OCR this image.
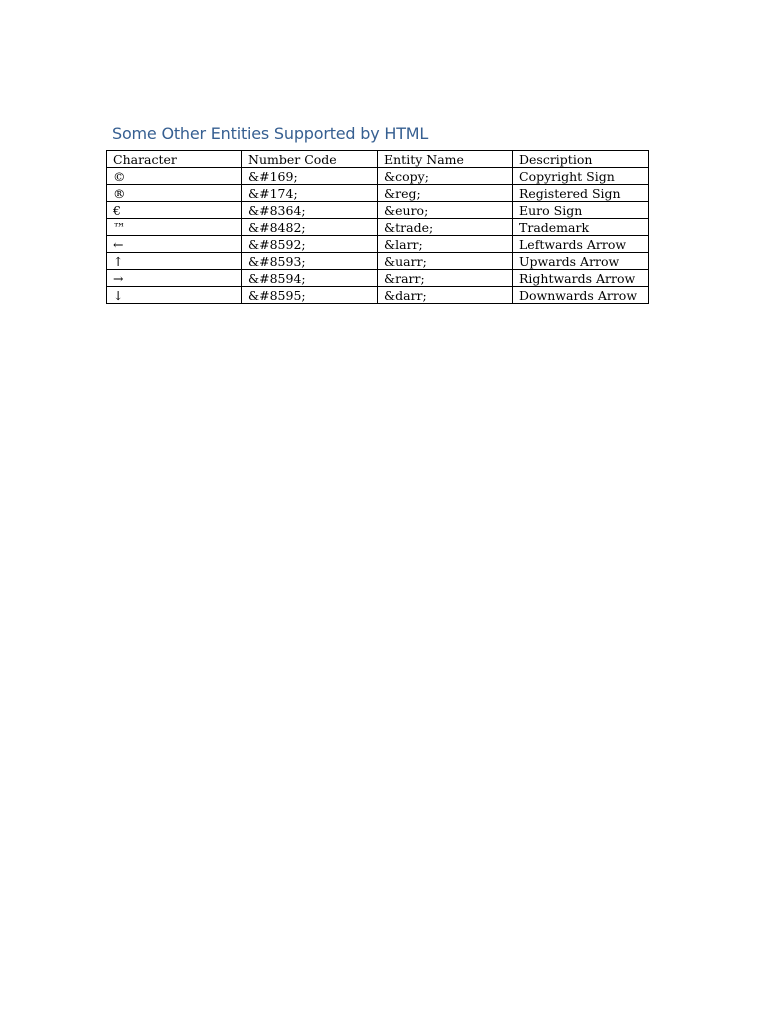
Some Other Entities Supported by HTML
Character	Number Code	Entity Name	Description
©	&#169;	&copy;	Copyright Sign
®	&#174;	&reg;	Registered Sign
€	&#8364;	&euro;	Euro Sign
™	&#8482;	&trade;	Trademark
←	&#8592;	&larr;	Leftwards Arrow
↑	&#8593;	&uarr;	Upwards Arrow
→	&#8594;	&rarr;	Rightwards Arrow
↓	&#8595;	&darr;	Downwards Arrow
